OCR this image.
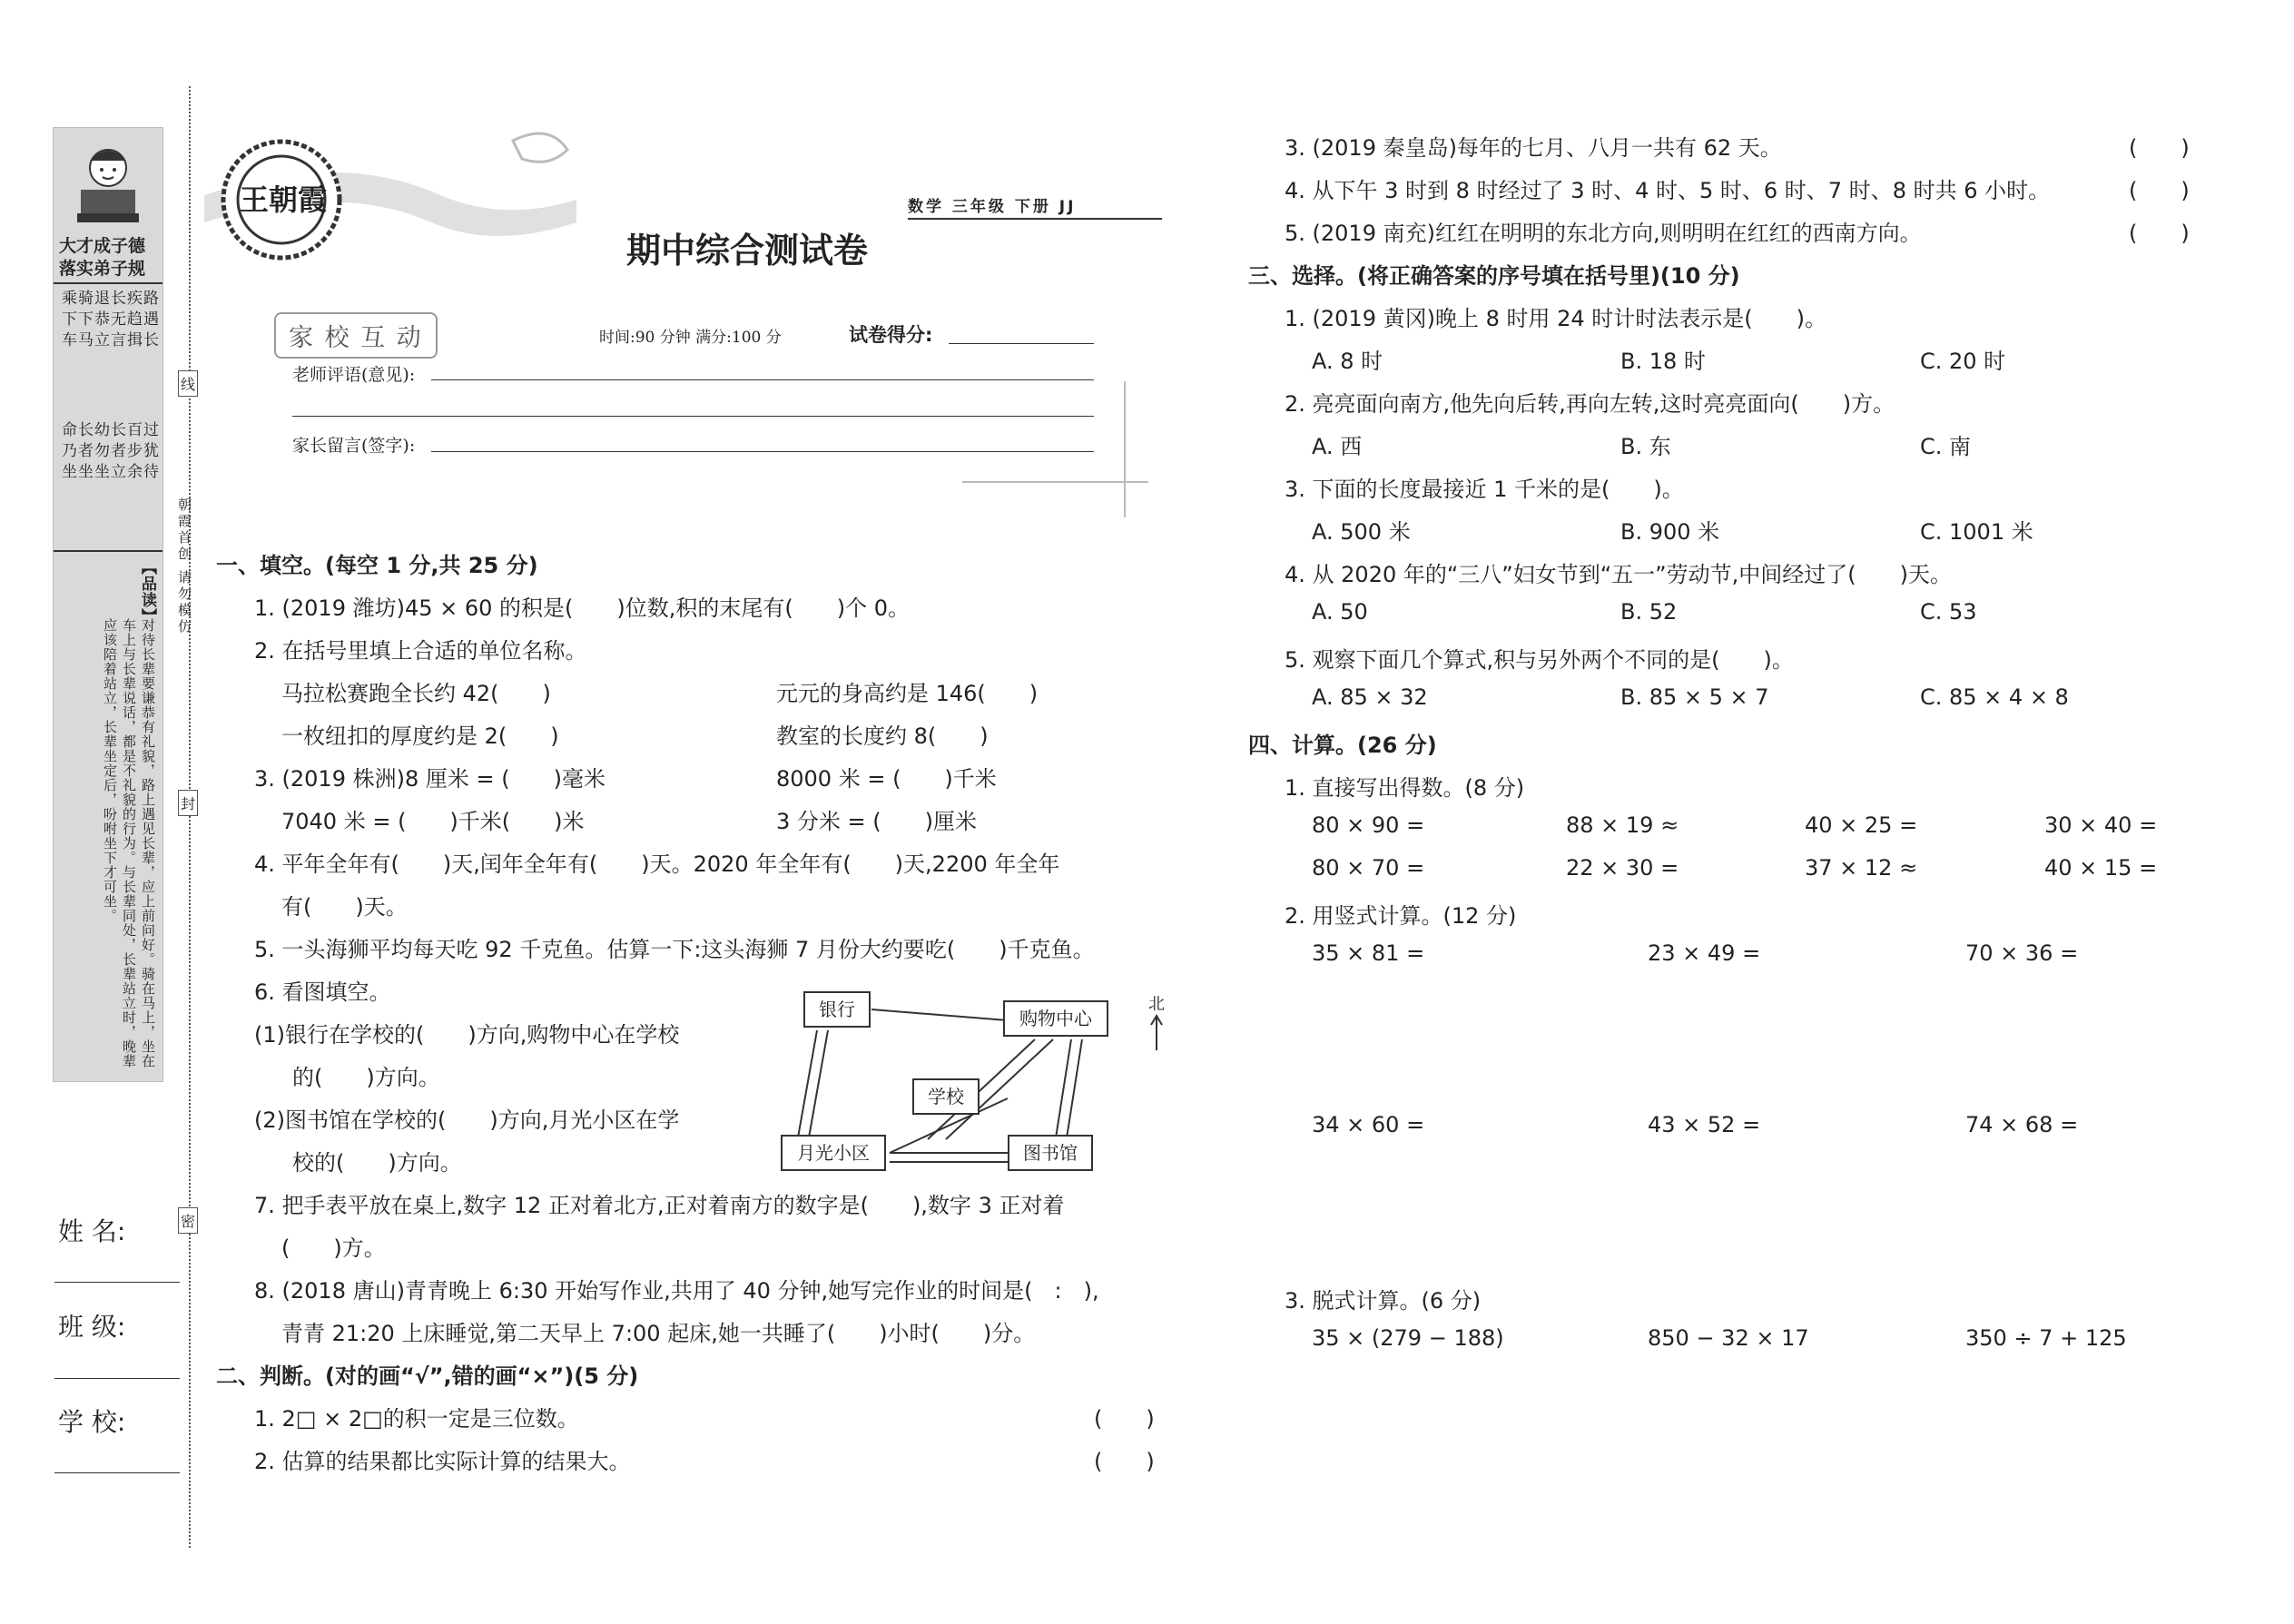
大才成子德
落实弟子规
路遇长
疾趋揖
长无言
退恭立
骑下马
乘下车
过犹待
百步余
长者立
幼勿坐
长者坐
命乃坐
【品读】
对待长辈要谦恭有礼貌，路上遇见长辈，应上前问好。骑在马上，坐在车上与长辈说话，都是不礼貌的行为。与长辈同处，长辈站立时，晚辈应该陪着站立，长辈坐定后，吩咐坐下才可坐。
线
封
密
朝霞首创 请勿模仿
姓 名:
班 级:
学 校:
王朝霞	数学 三年级 下册 JJ
期中综合测试卷
家 校 互 动	时间:90 分钟 满分:100 分	试卷得分:
老师评语(意见):
家长留言(签字):
一、填空。(每空 1 分,共 25 分)
1. (2019 潍坊)45 × 60 的积是(　　)位数,积的末尾有(　　)个 0。
2. 在括号里填上合适的单位名称。
马拉松赛跑全长约 42(　　)	元元的身高约是 146(　　)
一枚纽扣的厚度约是 2(　　)	教室的长度约 8(　　)
3. (2019 株洲)8 厘米 = (　　)毫米	8000 米 = (　　)千米
7040 米 = (　　)千米(　　)米	3 分米 = (　　)厘米
4. 平年全年有(　　)天,闰年全年有(　　)天。2020 年全年有(　　)天,2200 年全年
有(　　)天。
5. 一头海狮平均每天吃 92 千克鱼。估算一下:这头海狮 7 月份大约要吃(　　)千克鱼。
6. 看图填空。
(1)银行在学校的(　　)方向,购物中心在学校
的(　　)方向。
(2)图书馆在学校的(　　)方向,月光小区在学
校的(　　)方向。
银行	购物中心
学校
月光小区	图书馆
北
7. 把手表平放在桌上,数字 12 正对着北方,正对着南方的数字是(　　),数字 3 正对着
(　　)方。
8. (2018 唐山)青青晚上 6:30 开始写作业,共用了 40 分钟,她写完作业的时间是(　:　),
青青 21:20 上床睡觉,第二天早上 7:00 起床,她一共睡了(　　)小时(　　)分。
二、判断。(对的画“√”,错的画“×”)(5 分)
1. 2□ × 2□的积一定是三位数。	(　　)
2. 估算的结果都比实际计算的结果大。	(　　)
3. (2019 秦皇岛)每年的七月、八月一共有 62 天。	(　　)
4. 从下午 3 时到 8 时经过了 3 时、4 时、5 时、6 时、7 时、8 时共 6 小时。	(　　)
5. (2019 南充)红红在明明的东北方向,则明明在红红的西南方向。	(　　)
三、选择。(将正确答案的序号填在括号里)(10 分)
1. (2019 黄冈)晚上 8 时用 24 时计时法表示是(　　)。
A. 8 时	B. 18 时	C. 20 时
2. 亮亮面向南方,他先向后转,再向左转,这时亮亮面向(　　)方。
A. 西	B. 东	C. 南
3. 下面的长度最接近 1 千米的是(　　)。
A. 500 米	B. 900 米	C. 1001 米
4. 从 2020 年的“三八”妇女节到“五一”劳动节,中间经过了(　　)天。
A. 50	B. 52	C. 53
5. 观察下面几个算式,积与另外两个不同的是(　　)。
A. 85 × 32	B. 85 × 5 × 7	C. 85 × 4 × 8
四、计算。(26 分)
1. 直接写出得数。(8 分)
80 × 90 =	88 × 19 ≈	40 × 25 =	30 × 40 =
80 × 70 =	22 × 30 =	37 × 12 ≈	40 × 15 =
2. 用竖式计算。(12 分)
35 × 81 =	23 × 49 =	70 × 36 =
34 × 60 =	43 × 52 =	74 × 68 =
3. 脱式计算。(6 分)
35 × (279 − 188)	850 − 32 × 17	350 ÷ 7 + 125
